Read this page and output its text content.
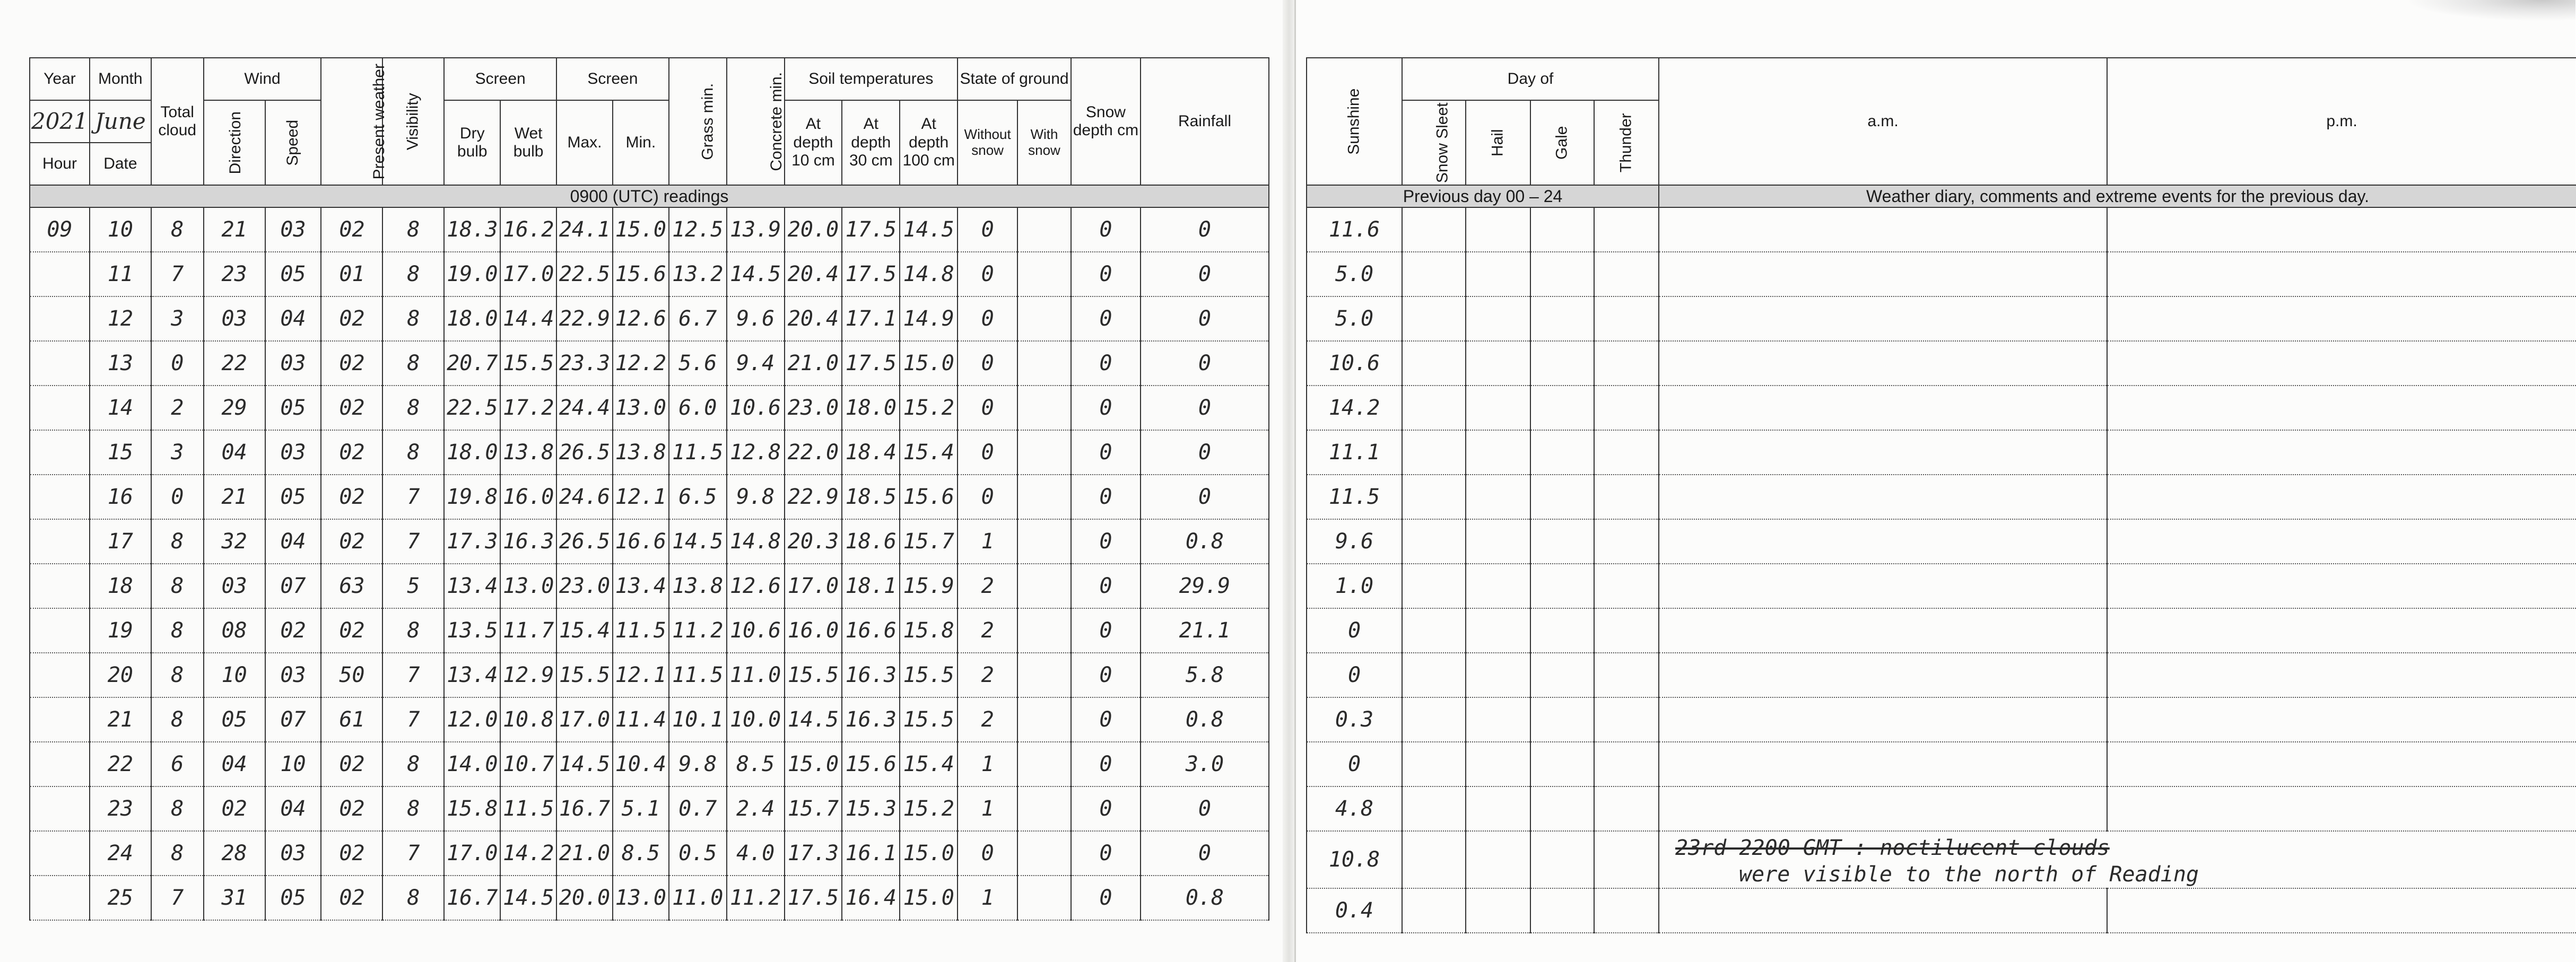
Year	Month	Total cloud	Wind		Present weather	Visibility	Screen		Screen		Grass min.	Concrete min.	Soil temperatures			State of ground		Snow depth cm	Rainfall
2021	June		Direction	Speed			Dry bulb	Wet bulb	Max.	Min.			At depth 10 cm	At depth 30 cm	At depth 100 cm	Without snow	With snow		
Hour	Date																		
0900 (UTC) readings																			
09	10	8	21	03	02	8	18.3	16.2	24.1	15.0	12.5	13.9	20.0	17.5	14.5	0		0	0
	11	7	23	05	01	8	19.0	17.0	22.5	15.6	13.2	14.5	20.4	17.5	14.8	0		0	0
	12	3	03	04	02	8	18.0	14.4	22.9	12.6	6.7	9.6	20.4	17.1	14.9	0		0	0
	13	0	22	03	02	8	20.7	15.5	23.3	12.2	5.6	9.4	21.0	17.5	15.0	0		0	0
	14	2	29	05	02	8	22.5	17.2	24.4	13.0	6.0	10.6	23.0	18.0	15.2	0		0	0
	15	3	04	03	02	8	18.0	13.8	26.5	13.8	11.5	12.8	22.0	18.4	15.4	0		0	0
	16	0	21	05	02	7	19.8	16.0	24.6	12.1	6.5	9.8	22.9	18.5	15.6	0		0	0
	17	8	32	04	02	7	17.3	16.3	26.5	16.6	14.5	14.8	20.3	18.6	15.7	1		0	0.8
	18	8	03	07	63	5	13.4	13.0	23.0	13.4	13.8	12.6	17.0	18.1	15.9	2		0	29.9
	19	8	08	02	02	8	13.5	11.7	15.4	11.5	11.2	10.6	16.0	16.6	15.8	2		0	21.1
	20	8	10	03	50	7	13.4	12.9	15.5	12.1	11.5	11.0	15.5	16.3	15.5	2		0	5.8
	21	8	05	07	61	7	12.0	10.8	17.0	11.4	10.1	10.0	14.5	16.3	15.5	2		0	0.8
	22	6	04	10	02	8	14.0	10.7	14.5	10.4	9.8	8.5	15.0	15.6	15.4	1		0	3.0
	23	8	02	04	02	8	15.8	11.5	16.7	5.1	0.7	2.4	15.7	15.3	15.2	1		0	0
	24	8	28	03	02	7	17.0	14.2	21.0	8.5	0.5	4.0	17.3	16.1	15.0	0		0	0
	25	7	31	05	02	8	16.7	14.5	20.0	13.0	11.0	11.2	17.5	16.4	15.0	1		0	0.8
Sunshine	Day of				a.m.	p.m.
	Snow Sleet	Hail	Gale	Thunder		

Previous day 00 – 24					Weather diary, comments and extreme events for the previous day.	
11.6						
5.0						
5.0						
10.6						
14.2						
11.1						
11.5						
9.6						
1.0						
0						
0						
0.3						
0						
4.8						
10.8					23rd 2200 GMT : noctilucent clouds
were visible to the north of Reading	

0.4						
